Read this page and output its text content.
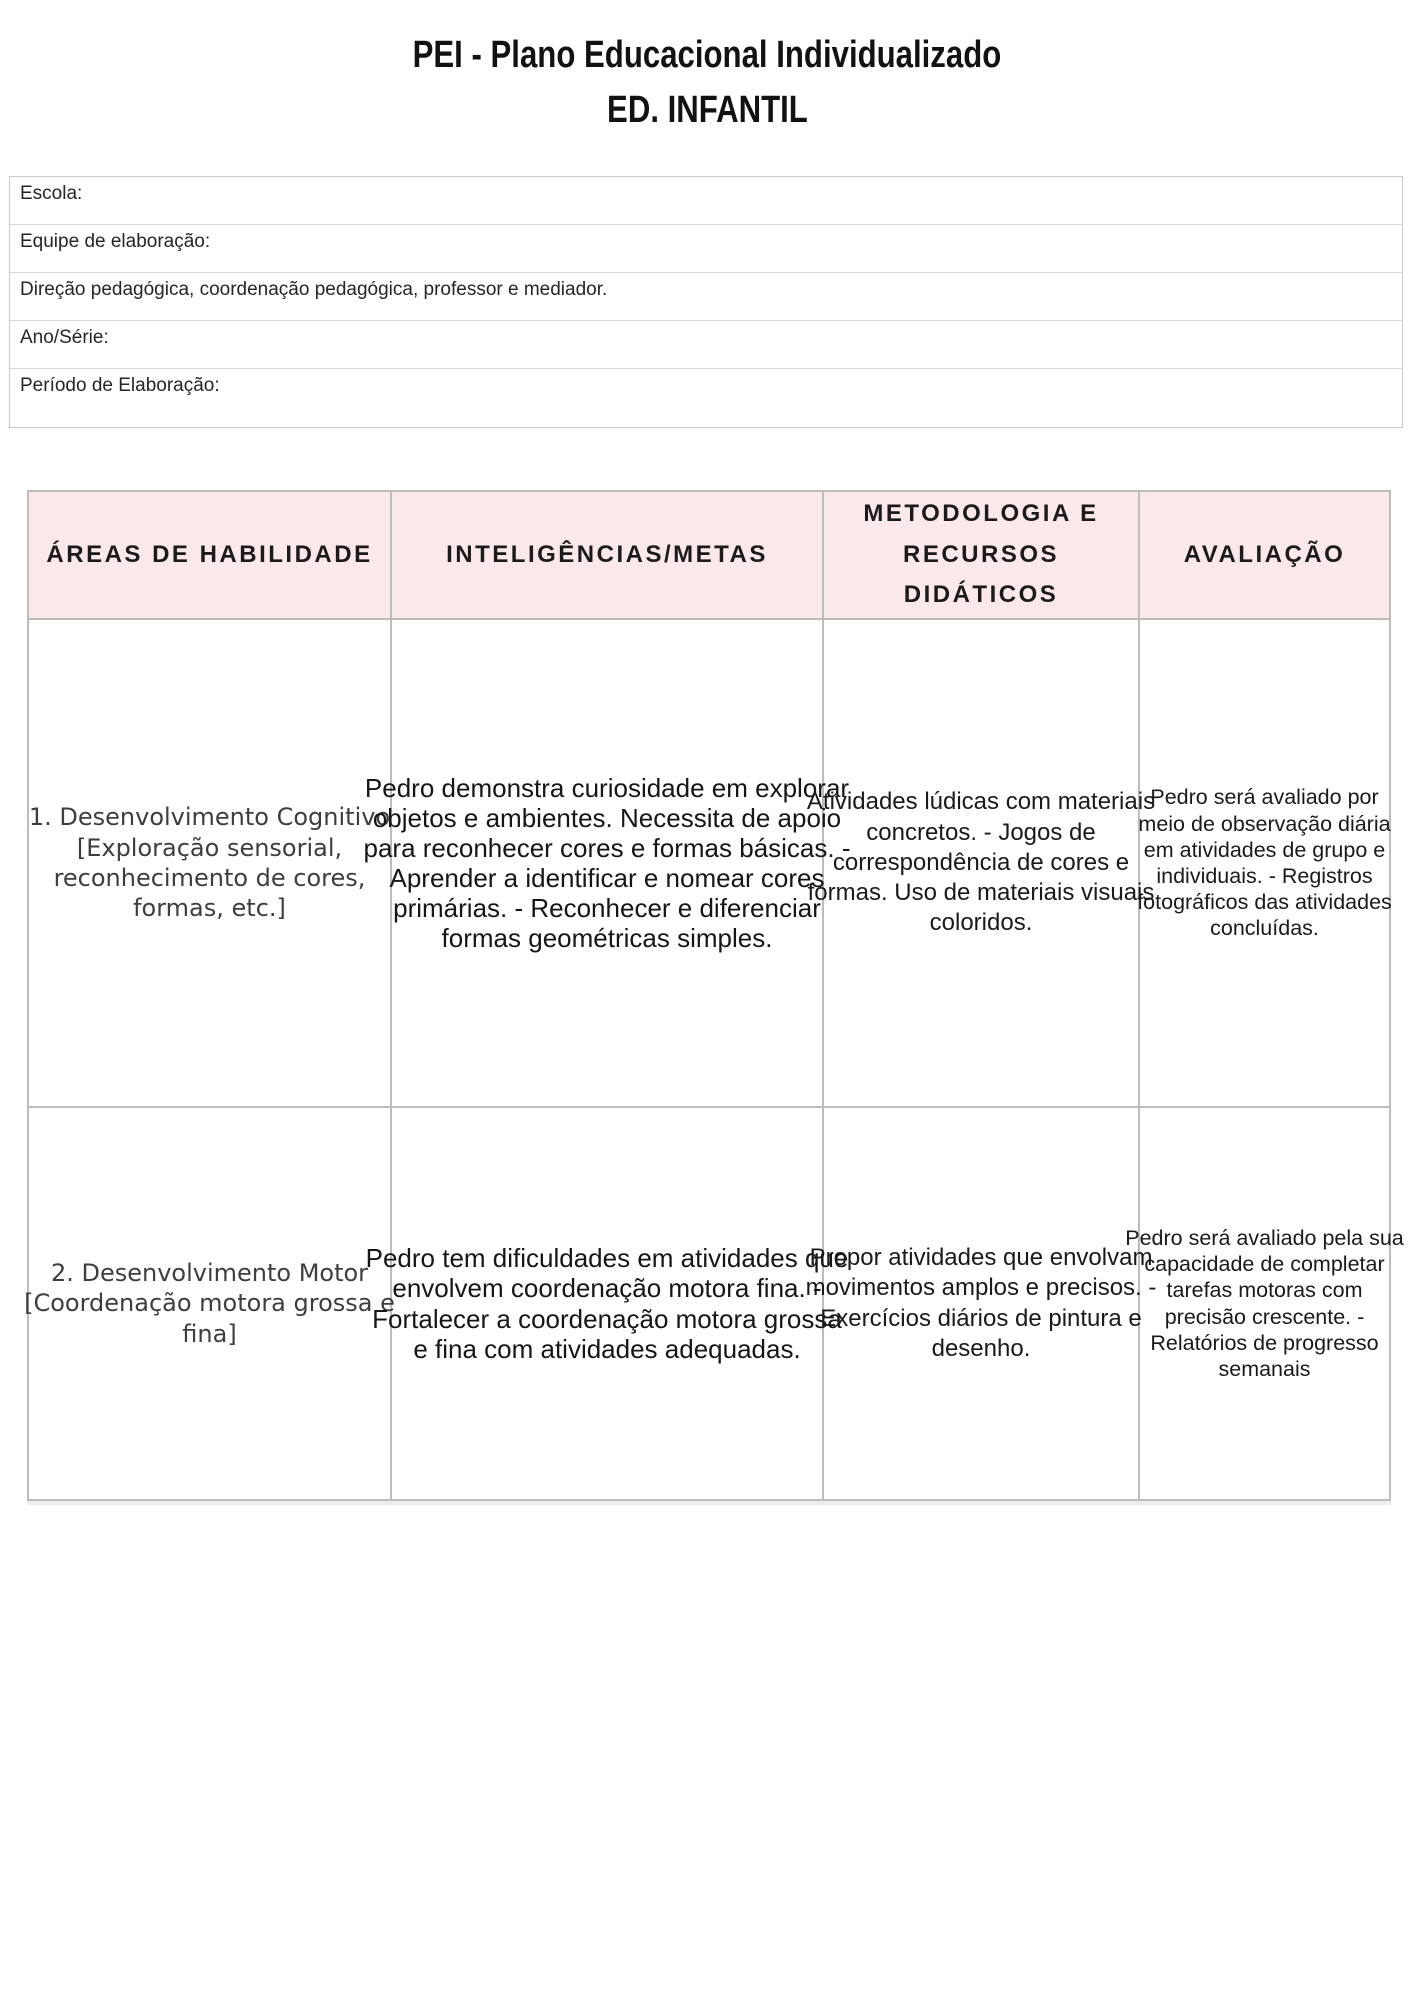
PEI - Plano Educacional Individualizado
ED. INFANTIL
Escola:
Equipe de elaboração:
Direção pedagógica, coordenação pedagógica, professor e mediador.
Ano/Série:
Período de Elaboração:
ÁREAS DE HABILIDADE	INTELIGÊNCIAS/METAS	METODOLOGIA E RECURSOS DIDÁTICOS	AVALIAÇÃO

1. Desenvolvimento Cognitivo [Exploração sensorial, reconhecimento de cores, formas, etc.]	Pedro demonstra curiosidade em explorar objetos e ambientes. Necessita de apoio para reconhecer cores e formas básicas. - Aprender a identificar e nomear cores primárias. - Reconhecer e diferenciar formas geométricas simples.	Atividades lúdicas com materiais concretos. - Jogos de correspondência de cores e formas. Uso de materiais visuais coloridos.	Pedro será avaliado por meio de observação diária em atividades de grupo e individuais. - Registros fotográficos das atividades concluídas.

2. Desenvolvimento Motor [Coordenação motora grossa e fina]	Pedro tem dificuldades em atividades que envolvem coordenação motora fina. - Fortalecer a coordenação motora grossa e fina com atividades adequadas.	Propor atividades que envolvam movimentos amplos e precisos. - Exercícios diários de pintura e desenho.	Pedro será avaliado pela sua capacidade de completar tarefas motoras com precisão crescente. - Relatórios de progresso semanais
